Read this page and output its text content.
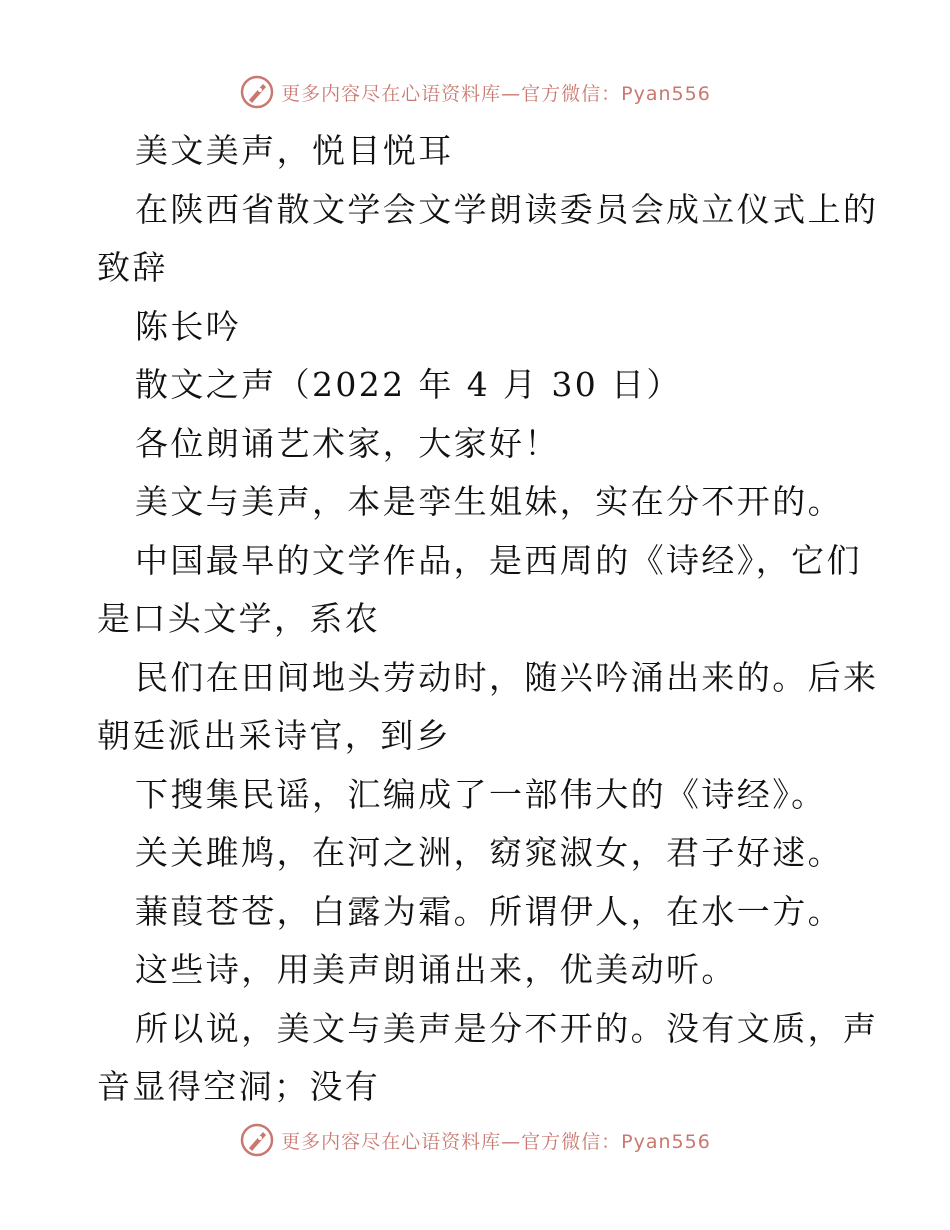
更多内容尽在心语资料库—官方微信：Pyan556
美文美声，悦目悦耳
在陕西省散文学会文学朗读委员会成立仪式上的
致辞
陈长吟
散文之声（2022 年 4 月 30 日）
各位朗诵艺术家，大家好！
美文与美声，本是孪生姐妹，实在分不开的。
中国最早的文学作品，是西周的《诗经》，它们
是口头文学，系农
民们在田间地头劳动时，随兴吟涌出来的。后来
朝廷派出采诗官，到乡
下搜集民谣，汇编成了一部伟大的《诗经》。
关关雎鸠，在河之洲，窈窕淑女，君子好逑。
蒹葭苍苍，白露为霜。所谓伊人，在水一方。
这些诗，用美声朗诵出来，优美动听。
所以说，美文与美声是分不开的。没有文质，声
音显得空洞；没有
更多内容尽在心语资料库—官方微信：Pyan556
